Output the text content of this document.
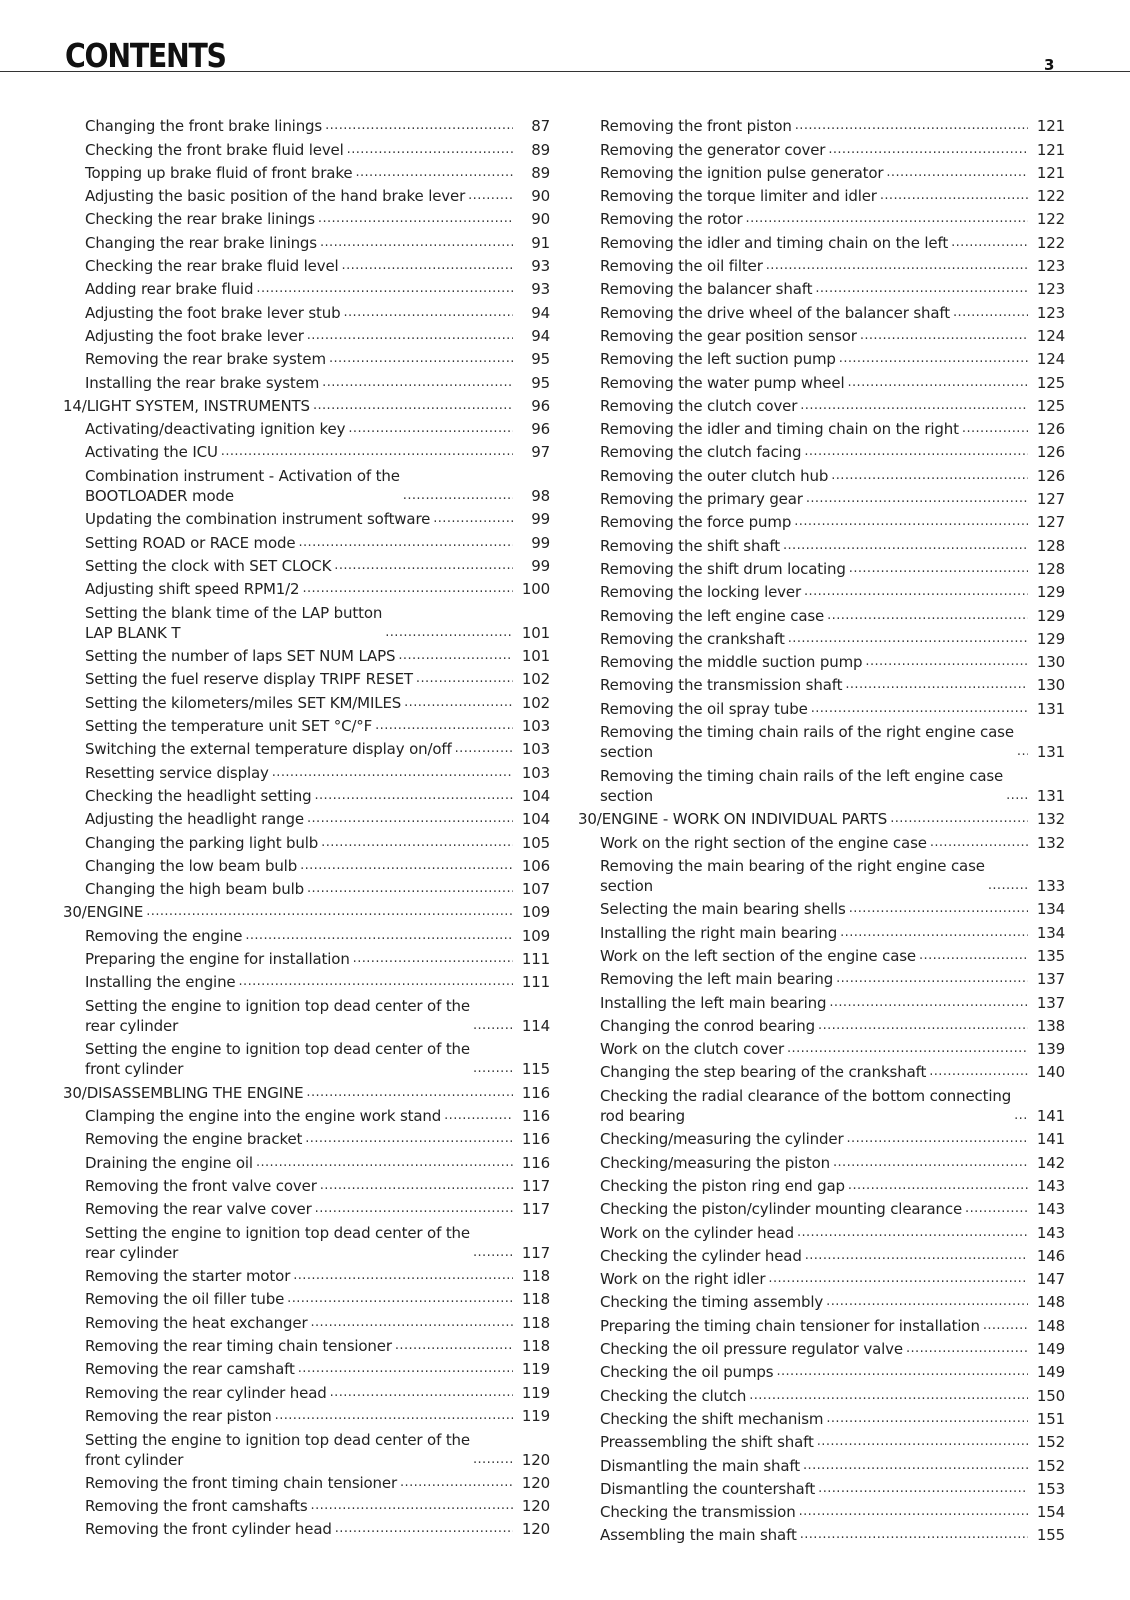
CONTENTS	3
Changing the front brake linings .....	87
Checking the front brake fluid level .....	89
Topping up brake fluid of front brake .....	89
Adjusting the basic position of the hand brake lever .....	90
Checking the rear brake linings .....	90
Changing the rear brake linings .....	91
Checking the rear brake fluid level .....	93
Adding rear brake fluid .....	93
Adjusting the foot brake lever stub .....	94
Adjusting the foot brake lever .....	94
Removing the rear brake system .....	95
Installing the rear brake system .....	95
14/LIGHT SYSTEM, INSTRUMENTS .....	96
Activating/deactivating ignition key .....	96
Activating the ICU .....	97
Combination instrument - Activation of the
BOOTLOADER mode .....	98
Updating the combination instrument software .....	99
Setting ROAD or RACE mode .....	99
Setting the clock with SET CLOCK .....	99
Adjusting shift speed RPM1/2 .....	100
Setting the blank time of the LAP button
LAP BLANK T .....	101
Setting the number of laps SET NUM LAPS .....	101
Setting the fuel reserve display TRIPF RESET .....	102
Setting the kilometers/miles SET KM/MILES .....	102
Setting the temperature unit SET °C/°F .....	103
Switching the external temperature display on/off .....	103
Resetting service display .....	103
Checking the headlight setting .....	104
Adjusting the headlight range .....	104
Changing the parking light bulb .....	105
Changing the low beam bulb .....	106
Changing the high beam bulb .....	107
30/ENGINE .....	109
Removing the engine .....	109
Preparing the engine for installation .....	111
Installing the engine .....	111
Setting the engine to ignition top dead center of the
rear cylinder .....	114
Setting the engine to ignition top dead center of the
front cylinder .....	115
30/DISASSEMBLING THE ENGINE .....	116
Clamping the engine into the engine work stand .....	116
Removing the engine bracket .....	116
Draining the engine oil .....	116
Removing the front valve cover .....	117
Removing the rear valve cover .....	117
Setting the engine to ignition top dead center of the
rear cylinder .....	117
Removing the starter motor .....	118
Removing the oil filler tube .....	118
Removing the heat exchanger .....	118
Removing the rear timing chain tensioner .....	118
Removing the rear camshaft .....	119
Removing the rear cylinder head .....	119
Removing the rear piston .....	119
Setting the engine to ignition top dead center of the
front cylinder .....	120
Removing the front timing chain tensioner .....	120
Removing the front camshafts .....	120
Removing the front cylinder head .....	120
Removing the front piston .....	121
Removing the generator cover .....	121
Removing the ignition pulse generator .....	121
Removing the torque limiter and idler .....	122
Removing the rotor .....	122
Removing the idler and timing chain on the left .....	122
Removing the oil filter .....	123
Removing the balancer shaft .....	123
Removing the drive wheel of the balancer shaft .....	123
Removing the gear position sensor .....	124
Removing the left suction pump .....	124
Removing the water pump wheel .....	125
Removing the clutch cover .....	125
Removing the idler and timing chain on the right .....	126
Removing the clutch facing .....	126
Removing the outer clutch hub .....	126
Removing the primary gear .....	127
Removing the force pump .....	127
Removing the shift shaft .....	128
Removing the shift drum locating .....	128
Removing the locking lever .....	129
Removing the left engine case .....	129
Removing the crankshaft .....	129
Removing the middle suction pump .....	130
Removing the transmission shaft .....	130
Removing the oil spray tube .....	131
Removing the timing chain rails of the right engine case
section .....	131
Removing the timing chain rails of the left engine case
section .....	131
30/ENGINE - WORK ON INDIVIDUAL PARTS .....	132
Work on the right section of the engine case .....	132
Removing the main bearing of the right engine case
section .....	133
Selecting the main bearing shells .....	134
Installing the right main bearing .....	134
Work on the left section of the engine case .....	135
Removing the left main bearing .....	137
Installing the left main bearing .....	137
Changing the conrod bearing .....	138
Work on the clutch cover .....	139
Changing the step bearing of the crankshaft .....	140
Checking the radial clearance of the bottom connecting
rod bearing .....	141
Checking/measuring the cylinder .....	141
Checking/measuring the piston .....	142
Checking the piston ring end gap .....	143
Checking the piston/cylinder mounting clearance .....	143
Work on the cylinder head .....	143
Checking the cylinder head .....	146
Work on the right idler .....	147
Checking the timing assembly .....	148
Preparing the timing chain tensioner for installation .....	148
Checking the oil pressure regulator valve .....	149
Checking the oil pumps .....	149
Checking the clutch .....	150
Checking the shift mechanism .....	151
Preassembling the shift shaft .....	152
Dismantling the main shaft .....	152
Dismantling the countershaft .....	153
Checking the transmission .....	154
Assembling the main shaft .....	155
